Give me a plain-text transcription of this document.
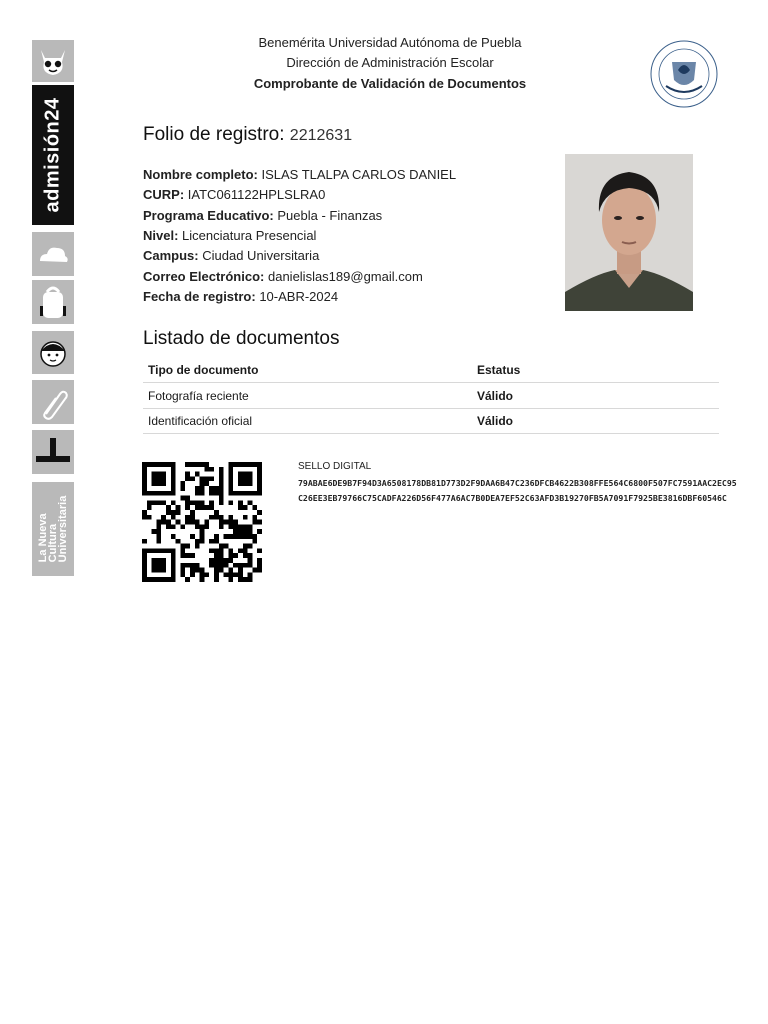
admisión24
La Nueva
Cultura
Universitaria
Benemérita Universidad Autónoma de Puebla
Dirección de Administración Escolar
Comprobante de Validación de Documentos
Folio de registro: 2212631
Nombre completo: ISLAS TLALPA CARLOS DANIEL
CURP: IATC061122HPLSLRA0
Programa Educativo: Puebla - Finanzas
Nivel: Licenciatura Presencial
Campus: Ciudad Universitaria
Correo Electrónico: danielislas189@gmail.com
Fecha de registro: 10-ABR-2024
Listado de documentos
Tipo de documento	Estatus
Fotografía reciente	Válido
Identificación oficial	Válido
SELLO DIGITAL
79ABAE6DE9B7F94D3A6508178DB81D773D2F9DAA6B47C236DFCB4622B308FFE564C6800F507FC7591AAC2EC95C26EE3EB79766C75CADFA226D56F477A6AC7B0DEA7EF52C63AFD3B19270FB5A7091F7925BE3816DBF60546C
